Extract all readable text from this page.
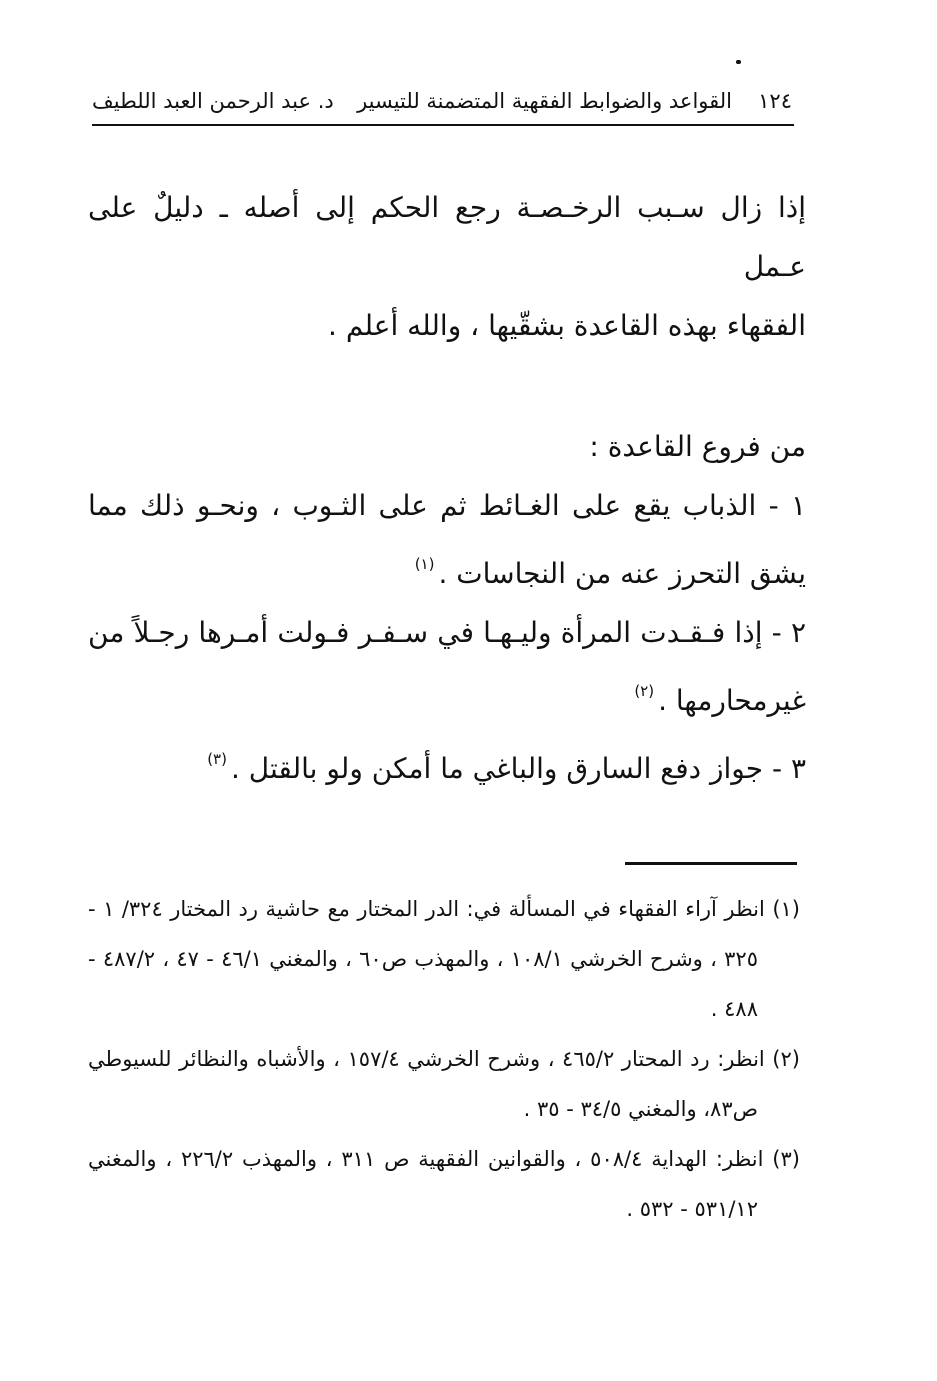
١٢٤
القواعد والضوابط الفقهية المتضمنة للتيسير
د. عبد الرحمن العبد اللطيف

إذا زال سـبب الرخـصـة رجع الحكم إلى أصله ـ دليلٌ على عـمل
الفقهاء بهذه القاعدة بشقّيها ، والله أعلم .

من فروع القاعدة :

١ - الذباب يقع على الغـائط ثم على الثـوب ، ونحـو ذلك مما يشق التحرز عنه من النجاسات .$^{(١)}$

٢ - إذا فـقـدت المرأة وليـهـا في سـفـر فـولت أمـرها رجـلاً من غيرمحارمها .$^{(٢)}$

٣ - جواز دفع السارق والباغي ما أمكن ولو بالقتل .$^{(٣)}$

(١) انظر آراء الفقهاء في المسألة في: الدر المختار مع حاشية رد المختار ٣٢٤/ ١ - ٣٢٥ ، وشرح الخرشي ١٠٨/١ ، والمهذب ص٦٠ ، والمغني ٤٦/١ - ٤٧ ، ٤٨٧/٢ - ٤٨٨ .

(٢) انظر: رد المحتار ٤٦٥/٢ ، وشرح الخرشي ١٥٧/٤ ، والأشباه والنظائر للسيوطي ص٨٣، والمغني ٣٤/٥ - ٣٥ .

(٣) انظر: الهداية ٥٠٨/٤ ، والقوانين الفقهية ص ٣١١ ، والمهذب ٢٢٦/٢ ، والمغني ٥٣١/١٢ - ٥٣٢ .
